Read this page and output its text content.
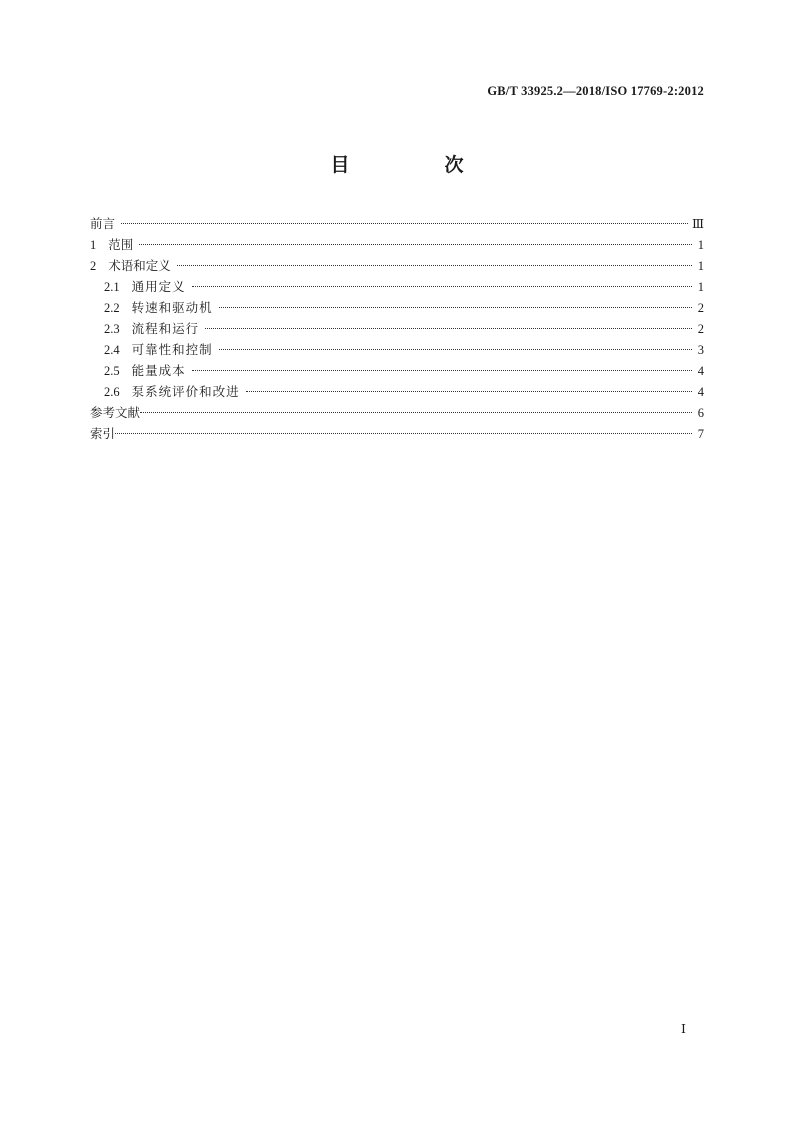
GB/T 33925.2—2018/ISO 17769-2:2012
目　次
前言	Ⅲ
1 范围	1
2 术语和定义	1
2.1 通用定义	1
2.2 转速和驱动机	2
2.3 流程和运行	2
2.4 可靠性和控制	3
2.5 能量成本	4
2.6 泵系统评价和改进	4
参考文献	6
索引	7
Ⅰ
